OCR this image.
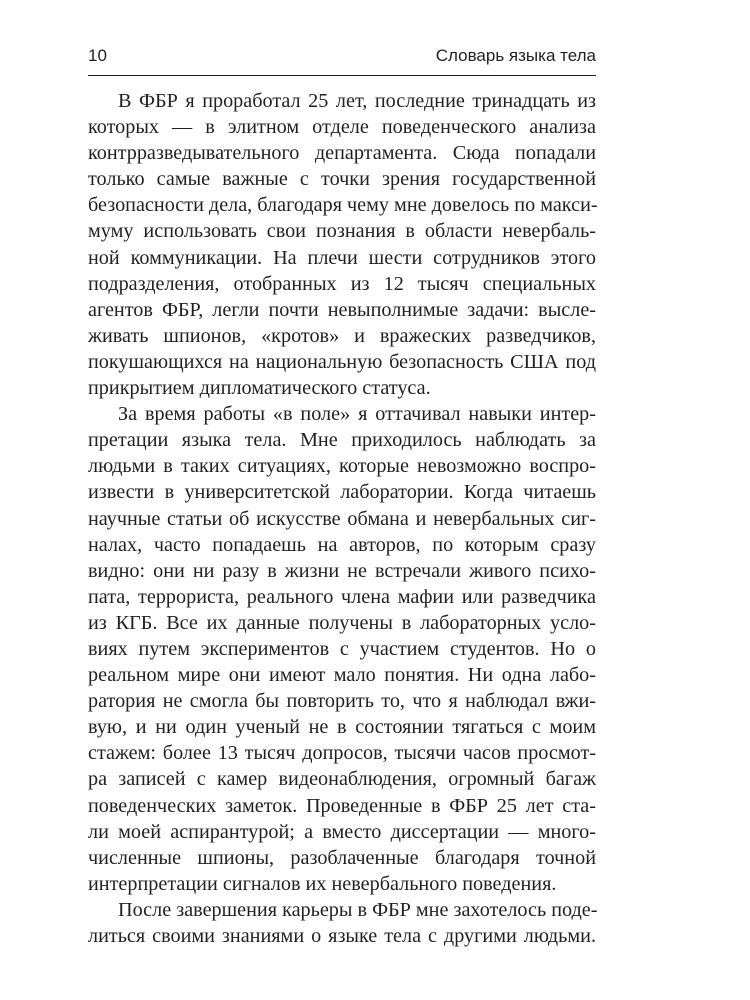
10	Словарь языка тела
В ФБР я проработал 25 лет, последние тринадцать из
которых — в элитном отделе поведенческого анализа
контрразведывательного департамента. Сюда попадали
только самые важные с точки зрения государственной
безопасности дела, благодаря чему мне довелось по макси-
муму использовать свои познания в области невербаль-
ной коммуникации. На плечи шести сотрудников этого
подразделения, отобранных из 12 тысяч специальных
агентов ФБР, легли почти невыполнимые задачи: высле-
живать шпионов, «кротов» и вражеских разведчиков,
покушающихся на национальную безопасность США под
прикрытием дипломатического статуса.
За время работы «в поле» я оттачивал навыки интер-
претации языка тела. Мне приходилось наблюдать за
людьми в таких ситуациях, которые невозможно воспро-
извести в университетской лаборатории. Когда читаешь
научные статьи об искусстве обмана и невербальных сиг-
налах, часто попадаешь на авторов, по которым сразу
видно: они ни разу в жизни не встречали живого психо-
пата, террориста, реального члена мафии или разведчика
из КГБ. Все их данные получены в лабораторных усло-
виях путем экспериментов с участием студентов. Но о
реальном мире они имеют мало понятия. Ни одна лабо-
ратория не смогла бы повторить то, что я наблюдал вжи-
вую, и ни один ученый не в состоянии тягаться с моим
стажем: более 13 тысяч допросов, тысячи часов просмот-
ра записей с камер видеонаблюдения, огромный багаж
поведенческих заметок. Проведенные в ФБР 25 лет ста-
ли моей аспирантурой; а вместо диссертации — много-
численные шпионы, разоблаченные благодаря точной
интерпретации сигналов их невербального поведения.
После завершения карьеры в ФБР мне захотелось поде-
литься своими знаниями о языке тела с другими людьми.
